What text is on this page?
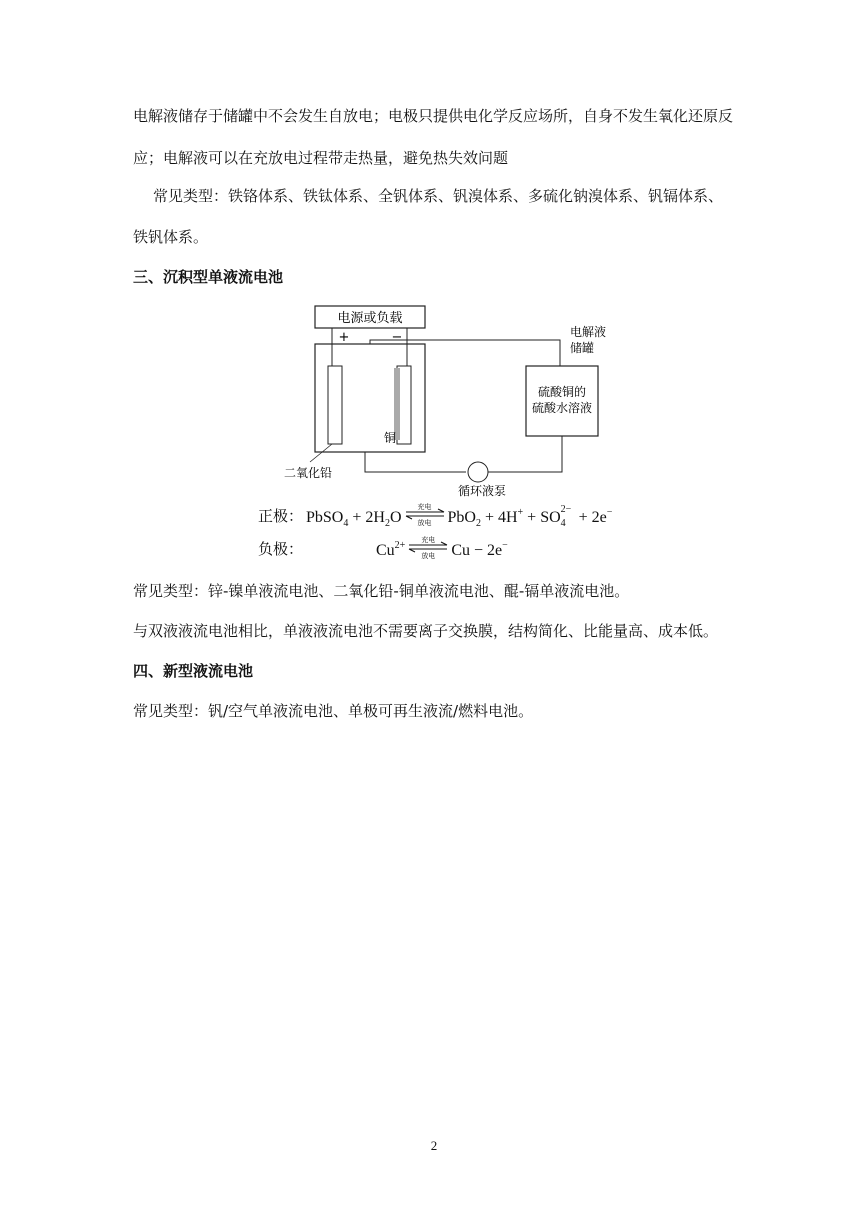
电解液储存于储罐中不会发生自放电；电极只提供电化学反应场所，自身不发生氧化还原反
应；电解液可以在充放电过程带走热量，避免热失效问题
常见类型：铁铬体系、铁钛体系、全钒体系、钒溴体系、多硫化钠溴体系、钒镉体系、
铁钒体系。
三、沉积型单液流电池
电源或负载
+	−
铜
二氧化铅
硫酸铜的
硫酸水溶液
电解液
储罐
循环液泵
正极： PbSO$_4$ + $2H_2O$
充电
放电	PbO$_2$ + 4H+ + SO 2−
4 + 2e−
负极：	$Cu^{2+}$	充电
放电	Cu − 2e−
常见类型：锌-镍单液流电池、二氧化铅-铜单液流电池、醌-镉单液流电池。
与双液液流电池相比，单液液流电池不需要离子交换膜，结构简化、比能量高、成本低。
四、新型液流电池
常见类型：钒/空气单液流电池、单极可再生液流/燃料电池。
2
